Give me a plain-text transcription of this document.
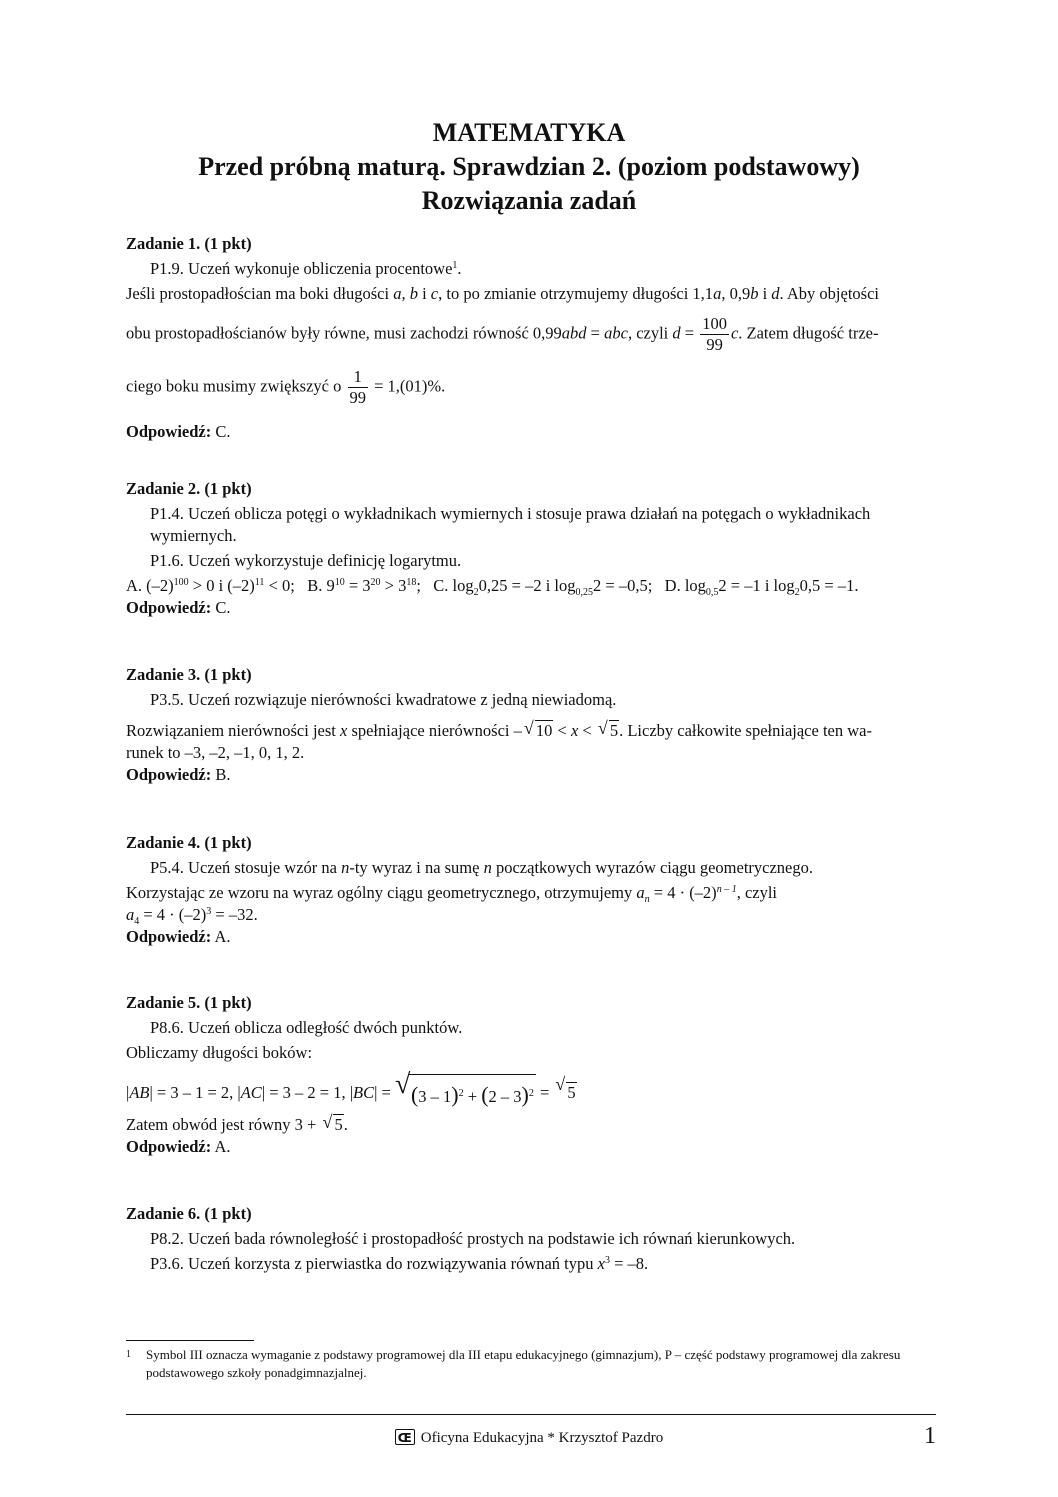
MATEMATYKA
Przed próbną maturą. Sprawdzian 2. (poziom podstawowy)
Rozwiązania zadań
Zadanie 1. (1 pkt)
P1.9. Uczeń wykonuje obliczenia procentowe$^1$.
Jeśli prostopadłościan ma boki długości a, b i c, to po zmianie otrzymujemy długości 1,1a, 0,9b i d. Aby objętości
obu prostopadłościanów były równe, musi zachodzi równość 0,99abd = abc, czyli $d = \frac{100}{99} c$. Zatem długość trze-
ciego boku musimy zwiększyć o $\frac{1}{99} = 1,(01)\%$.
Odpowiedź: C.
Zadanie 2. (1 pkt)
P1.4. Uczeń oblicza potęgi o wykładnikach wymiernych i stosuje prawa działań na potęgach o wykładnikach wymiernych.
P1.6. Uczeń wykorzystuje definicję logarytmu.
A. $(-2)^{100} > 0$ i $(-2)^{11} < 0$;   B. $9^{10} = 3^{20} > 3^{18}$;   C. $\log_20,25 = -2$ i $\log_{0,25}2 = -0,5$;   D. $\log_{0,5}2 = -1$ i $\log_20,5 = -1$.
Odpowiedź: C.
Zadanie 3. (1 pkt)
P3.5. Uczeń rozwiązuje nierówności kwadratowe z jedną niewiadomą.
Rozwiązaniem nierówności jest x spełniające nierówności – √ 10 < x < √ 5. Liczby całkowite spełniające ten wa-
runek to –3, –2, –1, 0, 1, 2.
Odpowiedź: B.
Zadanie 4. (1 pkt)
P5.4. Uczeń stosuje wzór na n-ty wyraz i na sumę n początkowych wyrazów ciągu geometrycznego.
Korzystając ze wzoru na wyraz ogólny ciągu geometrycznego, otrzymujemy $a_n = 4 \cdot (-2)^{n - 1}$, czyli
$a_4 = 4 \cdot (-2)^3 = -32$.
Odpowiedź: A.
Zadanie 5. (1 pkt)
P8.6. Uczeń oblicza odległość dwóch punktów.
Obliczamy długości boków:
|AB| = 3 – 1 = 2, |AC| = 3 – 2 = 1, |BC| = √ (3 – 1)$^2$ + (2 – 3)$^2$ = √ 5
Zatem obwód jest równy 3 + √ 5.
Odpowiedź: A.
Zadanie 6. (1 pkt)
P8.2. Uczeń bada równoległość i prostopadłość prostych na podstawie ich równań kierunkowych.
P3.6. Uczeń korzysta z pierwiastka do rozwiązywania równań typu $x^3 = -8$.
1	Symbol III oznacza wymaganie z podstawy programowej dla III etapu edukacyjnego (gimnazjum), P – część podstawy programowej dla zakresu podstawowego szkoły ponadgimnazjalnej.
Œ Oficyna Edukacyjna * Krzysztof Pazdro	1
